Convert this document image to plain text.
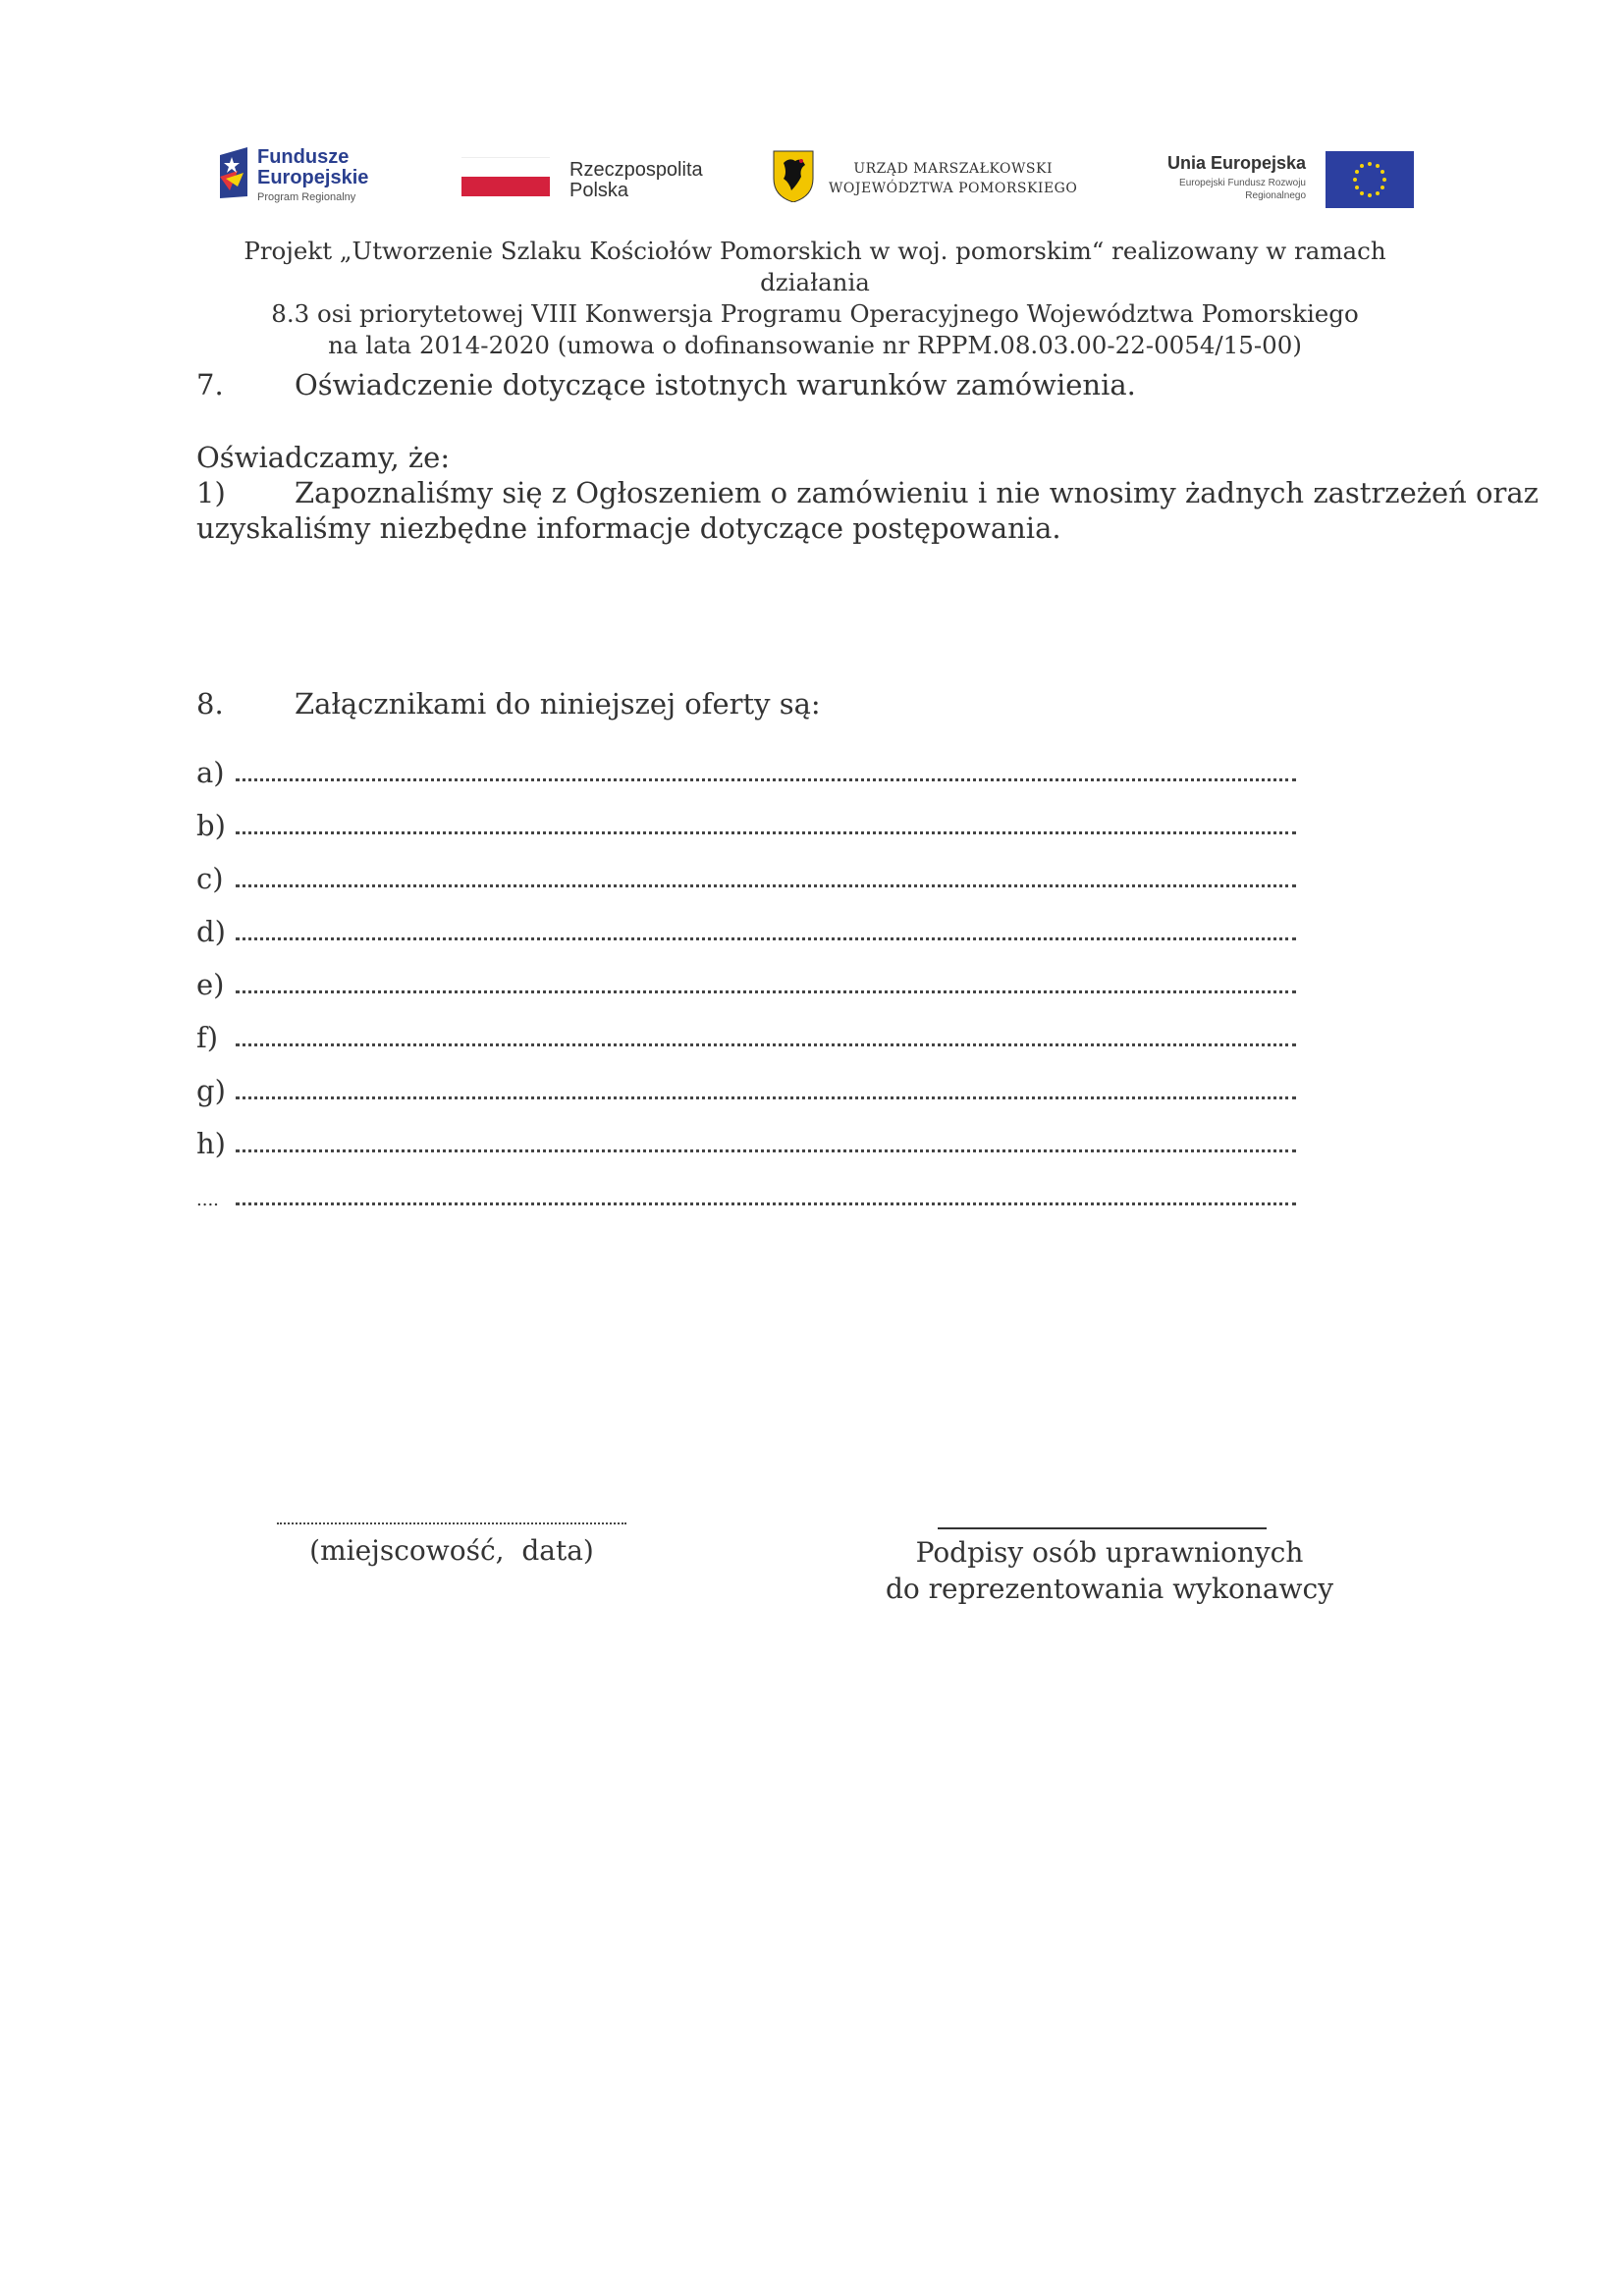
Fundusze Europejskie
Program Regionalny
Rzeczpospolita Polska
URZĄD MARSZAŁKOWSKI
WOJEWÓDZTWA POMORSKIEGO
Unia Europejska
Europejski Fundusz Rozwoju Regionalnego
Projekt „Utworzenie Szlaku Kościołów Pomorskich w woj. pomorskim“ realizowany w ramach działania
8.3 osi priorytetowej VIII Konwersja Programu Operacyjnego Województwa Pomorskiego
na lata 2014-2020 (umowa o dofinansowanie nr RPPM.08.03.00-22-0054/15-00)
7. Oświadczenie dotyczące istotnych warunków zamówienia.
Oświadczamy, że:
1) Zapoznaliśmy się z Ogłoszeniem o zamówieniu i nie wnosimy żadnych zastrzeżeń oraz
uzyskaliśmy niezbędne informacje dotyczące postępowania.
8. Załącznikami do niniejszej oferty są:
a)
b)
c)
d)
e)
f)
g)
h)
....
(miejscowość,  data)	Podpisy osób uprawnionych
do reprezentowania wykonawcy
